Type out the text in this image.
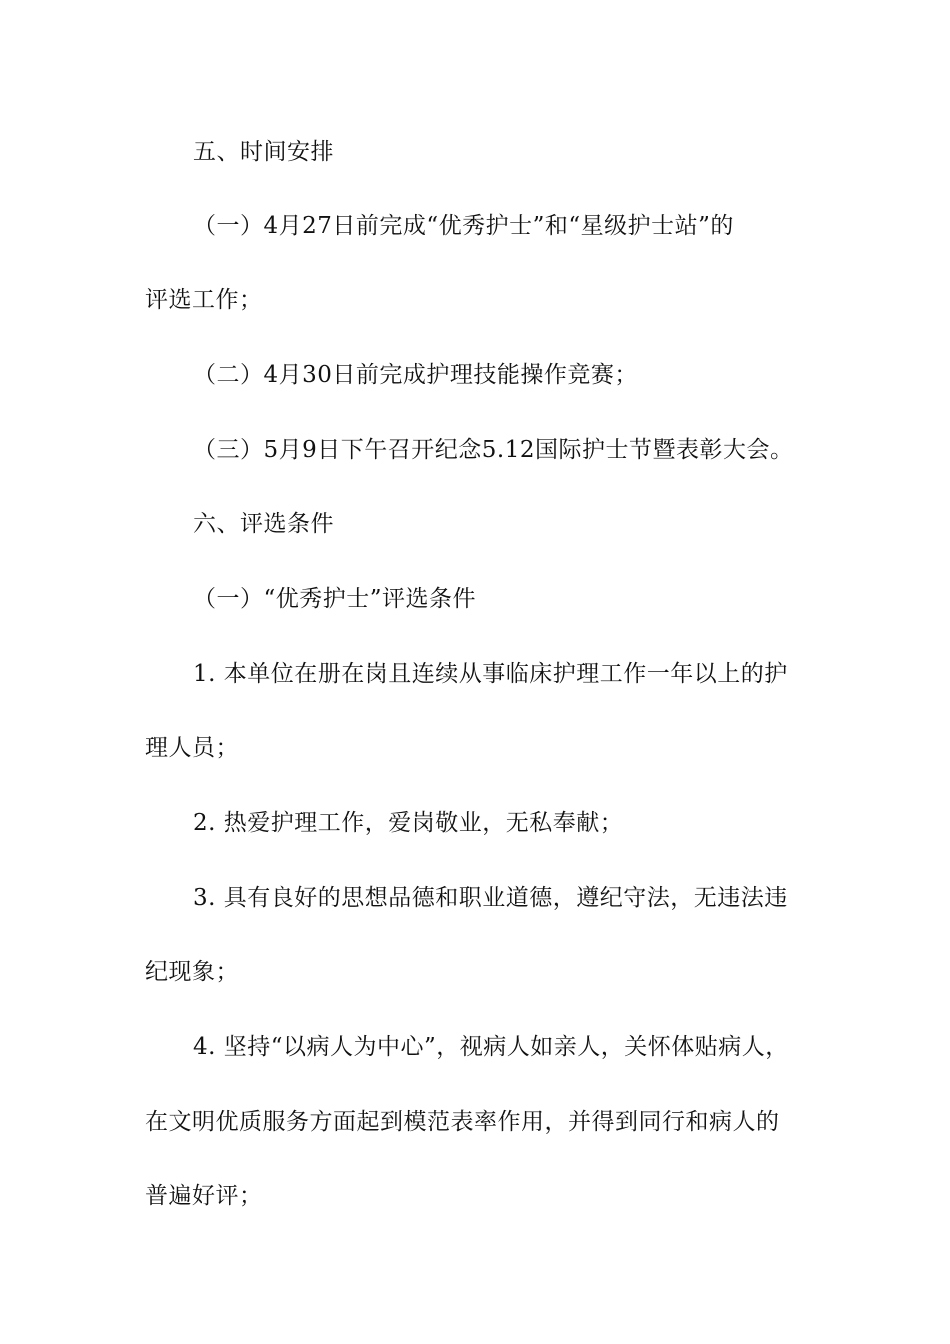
五、时间安排
（一）4月27日前完成“优秀护士”和“星级护士站”的
评选工作；
（二）4月30日前完成护理技能操作竞赛；
（三）5月9日下午召开纪念5.12国际护士节暨表彰大会。
六、评选条件
（一）“优秀护士”评选条件
1. 本单位在册在岗且连续从事临床护理工作一年以上的护
理人员；
2. 热爱护理工作，爱岗敬业，无私奉献；
3. 具有良好的思想品德和职业道德，遵纪守法，无违法违
纪现象；
4. 坚持“以病人为中心”，视病人如亲人，关怀体贴病人，
在文明优质服务方面起到模范表率作用，并得到同行和病人的
普遍好评；
